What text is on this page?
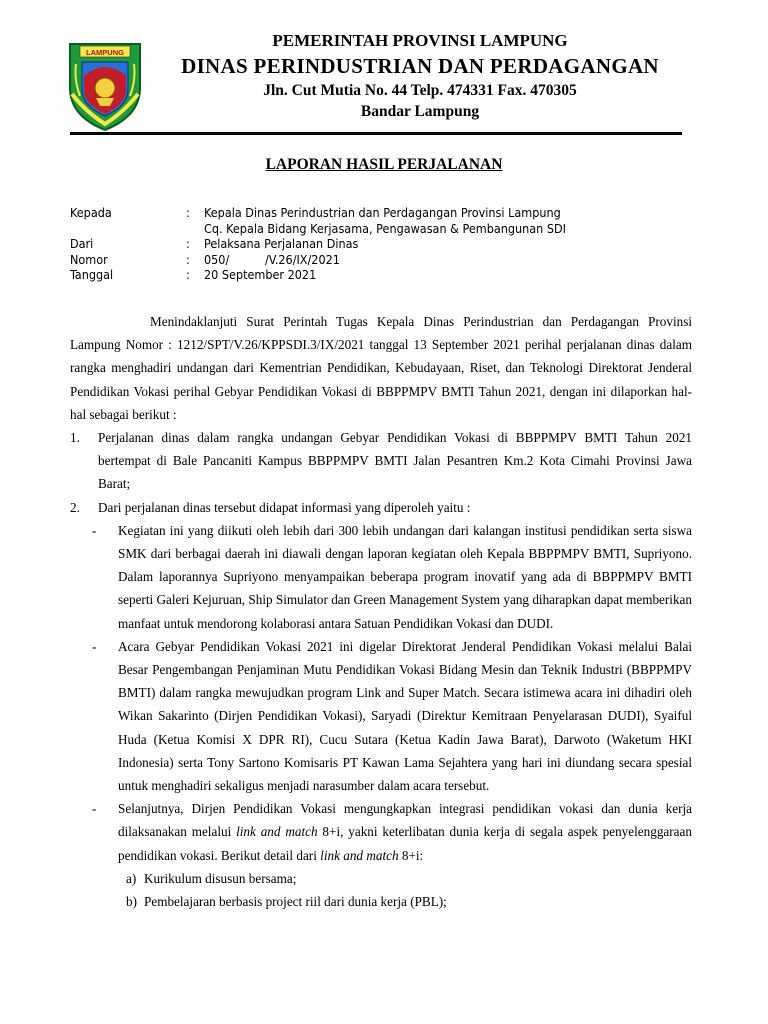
LAMPUNG
PEMERINTAH PROVINSI LAMPUNG
DINAS PERINDUSTRIAN DAN PERDAGANGAN
Jln. Cut Mutia No. 44 Telp. 474331 Fax. 470305
Bandar Lampung
LAPORAN HASIL PERJALANAN
Kepada	:	Kepala Dinas Perindustrian dan Perdagangan Provinsi Lampung
Cq. Kepala Bidang Kerjasama, Pengawasan & Pembangunan SDI
Dari	:	Pelaksana Perjalanan Dinas
Nomor	:	050/          /V.26/IX/2021
Tanggal	:	20 September 2021

Menindaklanjuti Surat Perintah Tugas Kepala Dinas Perindustrian dan Perdagangan Provinsi Lampung Nomor : 1212/SPT/V.26/KPPSDI.3/IX/2021 tanggal 13 September 2021 perihal perjalanan dinas dalam rangka menghadiri undangan dari Kementrian Pendidikan, Kebudayaan, Riset, dan Teknologi Direktorat Jenderal Pendidikan Vokasi perihal Gebyar Pendidikan Vokasi di BBPPMPV BMTI Tahun 2021, dengan ini dilaporkan hal-hal sebagai berikut :

1.	Perjalanan dinas dalam rangka undangan Gebyar Pendidikan Vokasi di BBPPMPV BMTI Tahun 2021 bertempat di Bale Pancaniti Kampus BBPPMPV BMTI Jalan Pesantren Km.2 Kota Cimahi Provinsi Jawa Barat;
2.	Dari perjalanan dinas tersebut didapat informasi yang diperoleh yaitu :
-	Kegiatan ini yang diikuti oleh lebih dari 300 lebih undangan dari kalangan institusi pendidikan serta siswa SMK dari berbagai daerah ini diawali dengan laporan kegiatan oleh Kepala BBPPMPV BMTI, Supriyono. Dalam laporannya Supriyono menyampaikan beberapa program inovatif yang ada di BBPPMPV BMTI seperti Galeri Kejuruan, Ship Simulator dan Green Management System yang diharapkan dapat memberikan manfaat untuk mendorong kolaborasi antara Satuan Pendidikan Vokasi dan DUDI.
-	Acara Gebyar Pendidikan Vokasi 2021 ini digelar Direktorat Jenderal Pendidikan Vokasi melalui Balai Besar Pengembangan Penjaminan Mutu Pendidikan Vokasi Bidang Mesin dan Teknik Industri (BBPPMPV BMTI) dalam rangka mewujudkan program Link and Super Match. Secara istimewa acara ini dihadiri oleh Wikan Sakarinto (Dirjen Pendidikan Vokasi), Saryadi (Direktur Kemitraan Penyelarasan DUDI), Syaiful Huda (Ketua Komisi X DPR RI), Cucu Sutara (Ketua Kadin Jawa Barat), Darwoto (Waketum HKI Indonesia) serta Tony Sartono Komisaris PT Kawan Lama Sejahtera yang hari ini diundang secara spesial untuk menghadiri sekaligus menjadi narasumber dalam acara tersebut.
-	Selanjutnya, Dirjen Pendidikan Vokasi mengungkapkan integrasi pendidikan vokasi dan dunia kerja dilaksanakan melalui link and match 8+i, yakni keterlibatan dunia kerja di segala aspek penyelenggaraan pendidikan vokasi. Berikut detail dari link and match 8+i:
a) Kurikulum disusun bersama;
b) Pembelajaran berbasis project riil dari dunia kerja (PBL);
